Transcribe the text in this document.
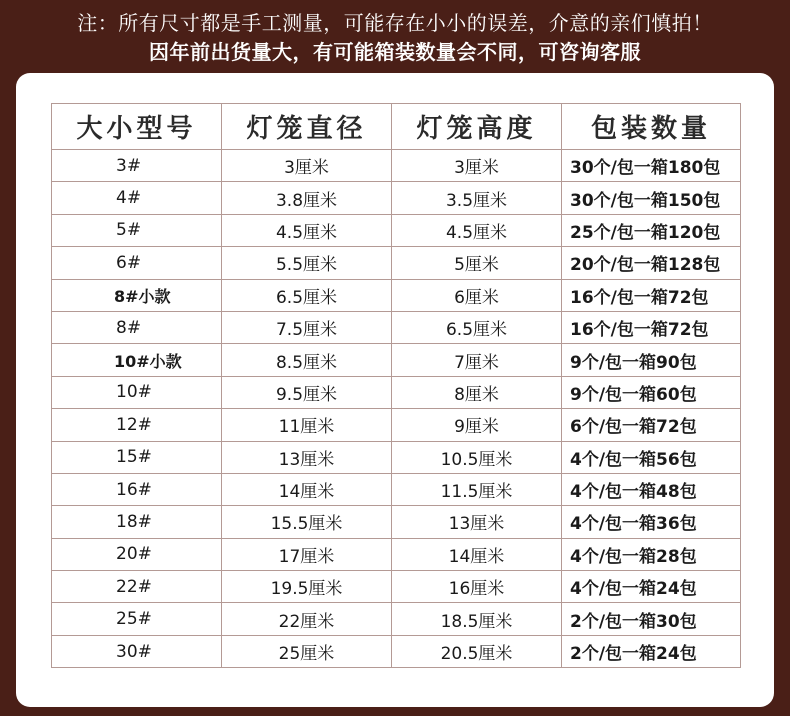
注：所有尺寸都是手工测量，可能存在小小的误差，介意的亲们慎拍！
因年前出货量大，有可能箱装数量会不同，可咨询客服
大小型号	灯笼直径	灯笼高度	包装数量
3#	3厘米	3厘米	30个/包一箱180包
4#	3.8厘米	3.5厘米	30个/包一箱150包
5#	4.5厘米	4.5厘米	25个/包一箱120包
6#	5.5厘米	5厘米	20个/包一箱128包
8#小款	6.5厘米	6厘米	16个/包一箱72包
8#	7.5厘米	6.5厘米	16个/包一箱72包
10#小款	8.5厘米	7厘米	9个/包一箱90包
10#	9.5厘米	8厘米	9个/包一箱60包
12#	11厘米	9厘米	6个/包一箱72包
15#	13厘米	10.5厘米	4个/包一箱56包
16#	14厘米	11.5厘米	4个/包一箱48包
18#	15.5厘米	13厘米	4个/包一箱36包
20#	17厘米	14厘米	4个/包一箱28包
22#	19.5厘米	16厘米	4个/包一箱24包
25#	22厘米	18.5厘米	2个/包一箱30包
30#	25厘米	20.5厘米	2个/包一箱24包
